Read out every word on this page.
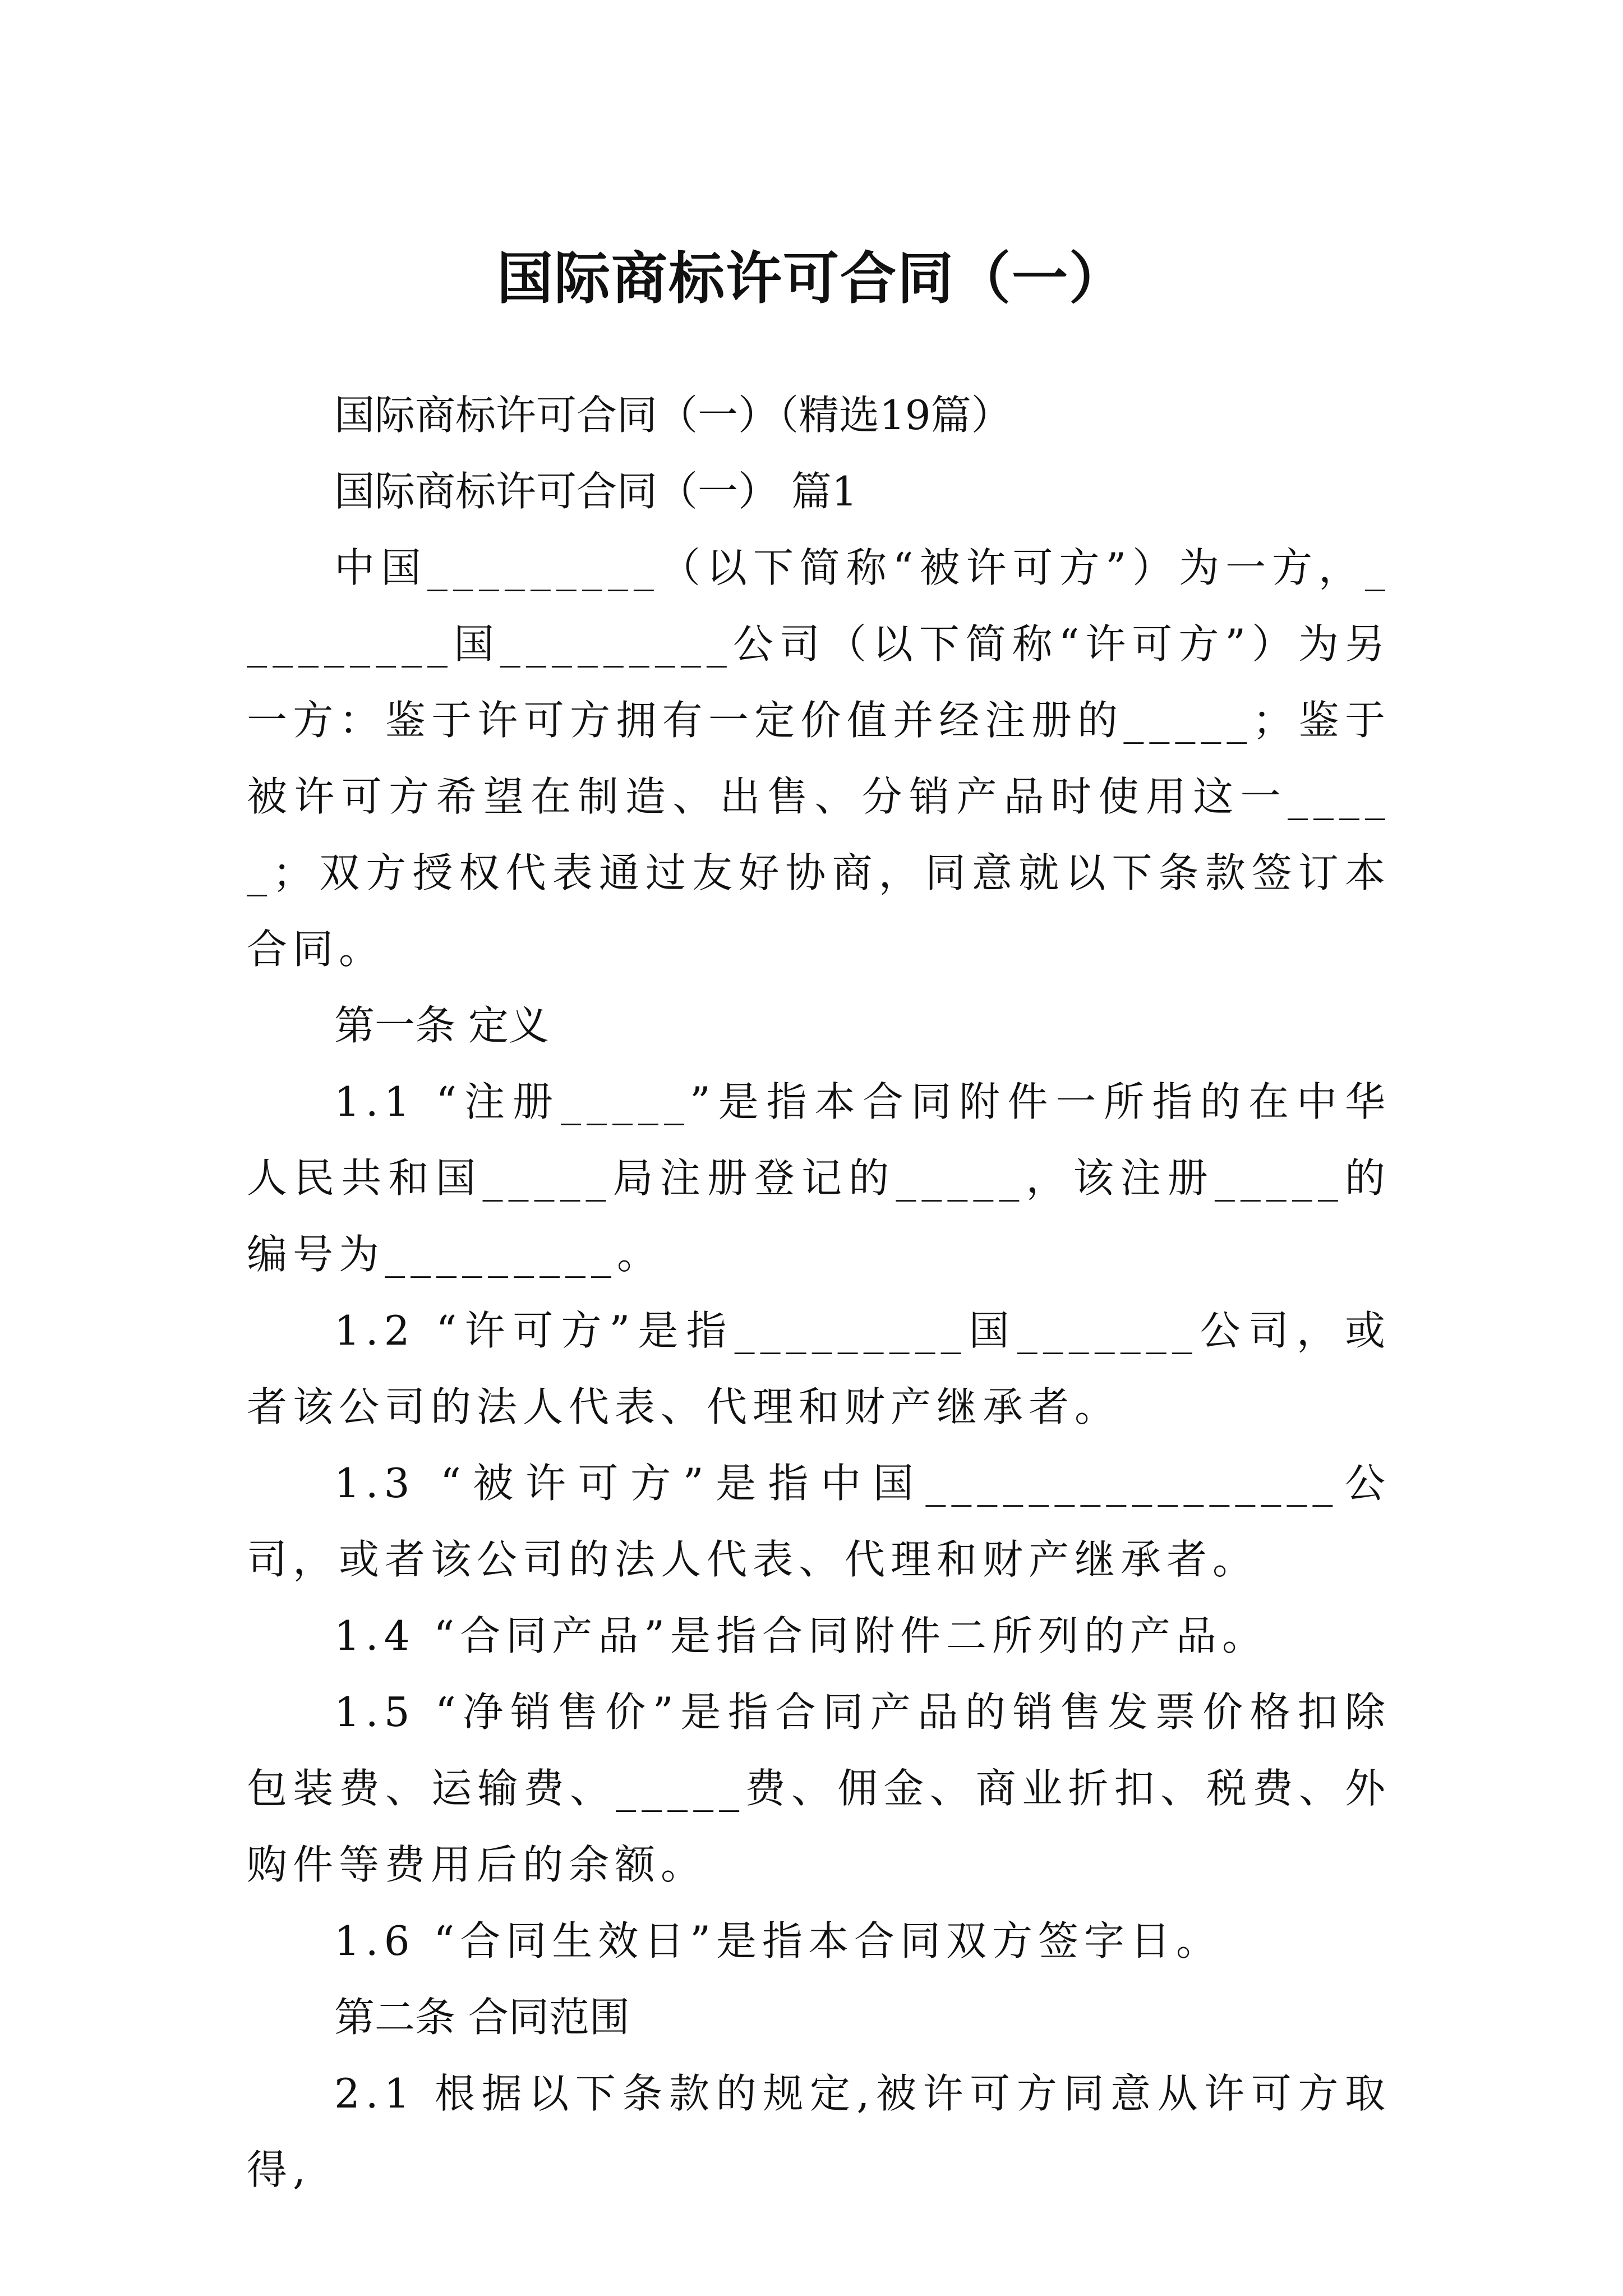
国际商标许可合同（一）

国际商标许可合同（一）（精选19篇）

国际商标许可合同（一） 篇1

中国_________（以下简称“被许可方”）为一方，_________国_________公司（以下简称“许可方”）为另一方：鉴于许可方拥有一定价值并经注册的_____；鉴于被许可方希望在制造、出售、分销产品时使用这一_____；双方授权代表通过友好协商，同意就以下条款签订本合同。

第一条 定义

1.1 “注册_____”是指本合同附件一所指的在中华人民共和国_____局注册登记的_____，该注册_____的编号为_________。

1.2 “许可方”是指_________国_______公司，或者该公司的法人代表、代理和财产继承者。

1.3 “被许可方”是指中国________________公司，或者该公司的法人代表、代理和财产继承者。

1.4 “合同产品”是指合同附件二所列的产品。

1.5 “净销售价”是指合同产品的销售发票价格扣除包装费、运输费、_____费、佣金、商业折扣、税费、外购件等费用后的余额。

1.6 “合同生效日”是指本合同双方签字日。

第二条 合同范围

2.1 根据以下条款的规定,被许可方同意从许可方取得,
